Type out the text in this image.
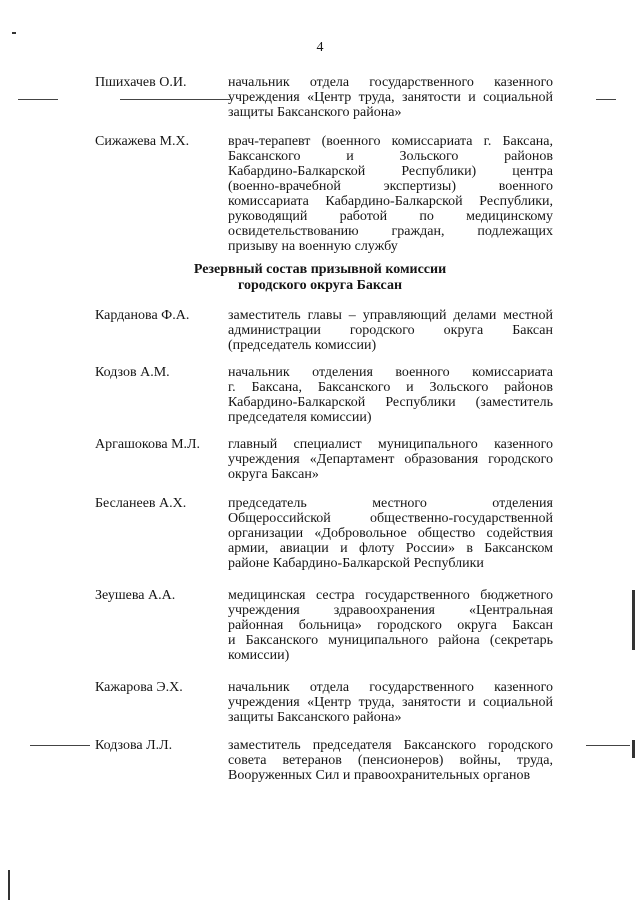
4
Пшихачев О.И.	начальник отдела государственного казенного
учреждения «Центр труда, занятости и социальной
защиты Баксанского района»
Сижажева М.Х.	врач-терапевт (военного комиссариата г. Баксана,
Баксанского и Зольского районов
Кабардино-Балкарской Республики) центра
(военно-врачебной экспертизы) военного
комиссариата Кабардино-Балкарской Республики,
руководящий работой по медицинскому
освидетельствованию граждан, подлежащих
призыву на военную службу
Резервный состав призывной комиссии
городского округа Баксан
Карданова Ф.А.	заместитель главы – управляющий делами местной
администрации городского округа Баксан
(председатель комиссии)
Кодзов А.М.	начальник отделения военного комиссариата
г. Баксана, Баксанского и Зольского районов
Кабардино-Балкарской Республики (заместитель
председателя комиссии)
Аргашокова М.Л.	главный специалист муниципального казенного
учреждения «Департамент образования городского
округа Баксан»
Бесланеев А.Х.	председатель местного отделения
Общероссийской общественно-государственной
организации «Добровольное общество содействия
армии, авиации и флоту России» в Баксанском
районе Кабардино-Балкарской Республики
Зеушева А.А.	медицинская сестра государственного бюджетного
учреждения здравоохранения «Центральная
районная больница» городского округа Баксан
и Баксанского муниципального района (секретарь
комиссии)
Кажарова Э.Х.	начальник отдела государственного казенного
учреждения «Центр труда, занятости и социальной
защиты Баксанского района»
Кодзова Л.Л.	заместитель председателя Баксанского городского
совета ветеранов (пенсионеров) войны, труда,
Вооруженных Сил и правоохранительных органов
